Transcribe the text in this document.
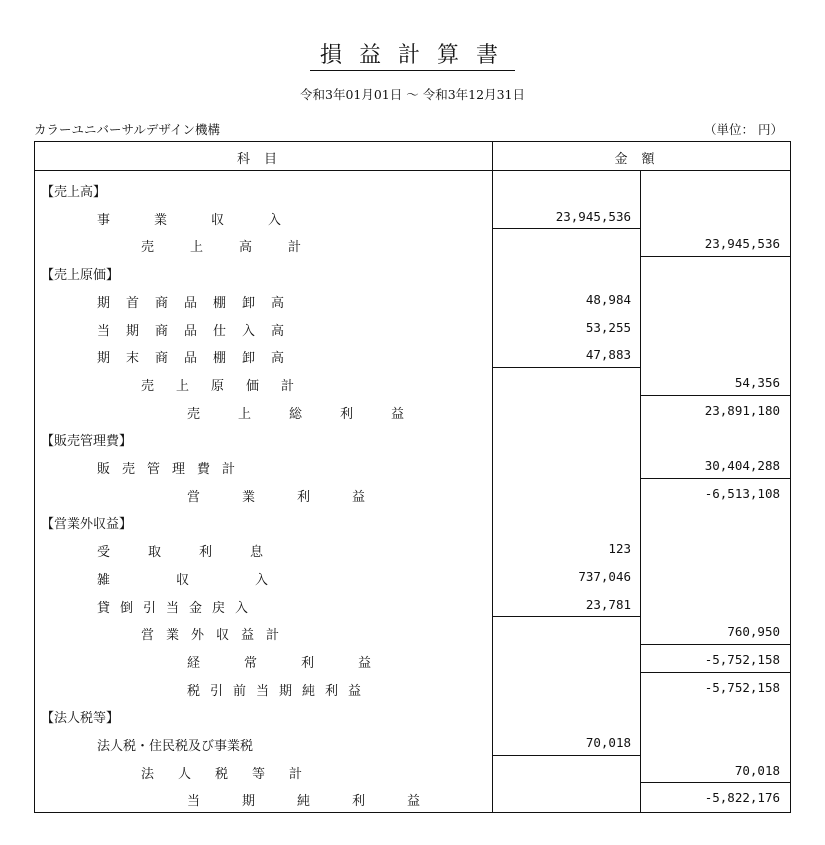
損益計算書
令和3年01月01日 ～ 令和3年12月31日
カラーユニバーサルデザイン機構	（単位： 円）
科目	金額
【売上高】
事業収入	23,945,536
売上高計	23,945,536
【売上原価】
期首商品棚卸高	48,984
当期商品仕入高	53,255
期末商品棚卸高	47,883
売上原価計	54,356
売上総利益	23,891,180
【販売管理費】
販売管理費計	30,404,288
営業利益	-6,513,108
【営業外収益】
受取利息	123
雑収入	737,046
貸倒引当金戻入	23,781
営業外収益計	760,950
経常利益	-5,752,158
税引前当期純利益	-5,752,158
【法人税等】
法人税・住民税及び事業税	70,018
法人税等計	70,018
当期純利益	-5,822,176
